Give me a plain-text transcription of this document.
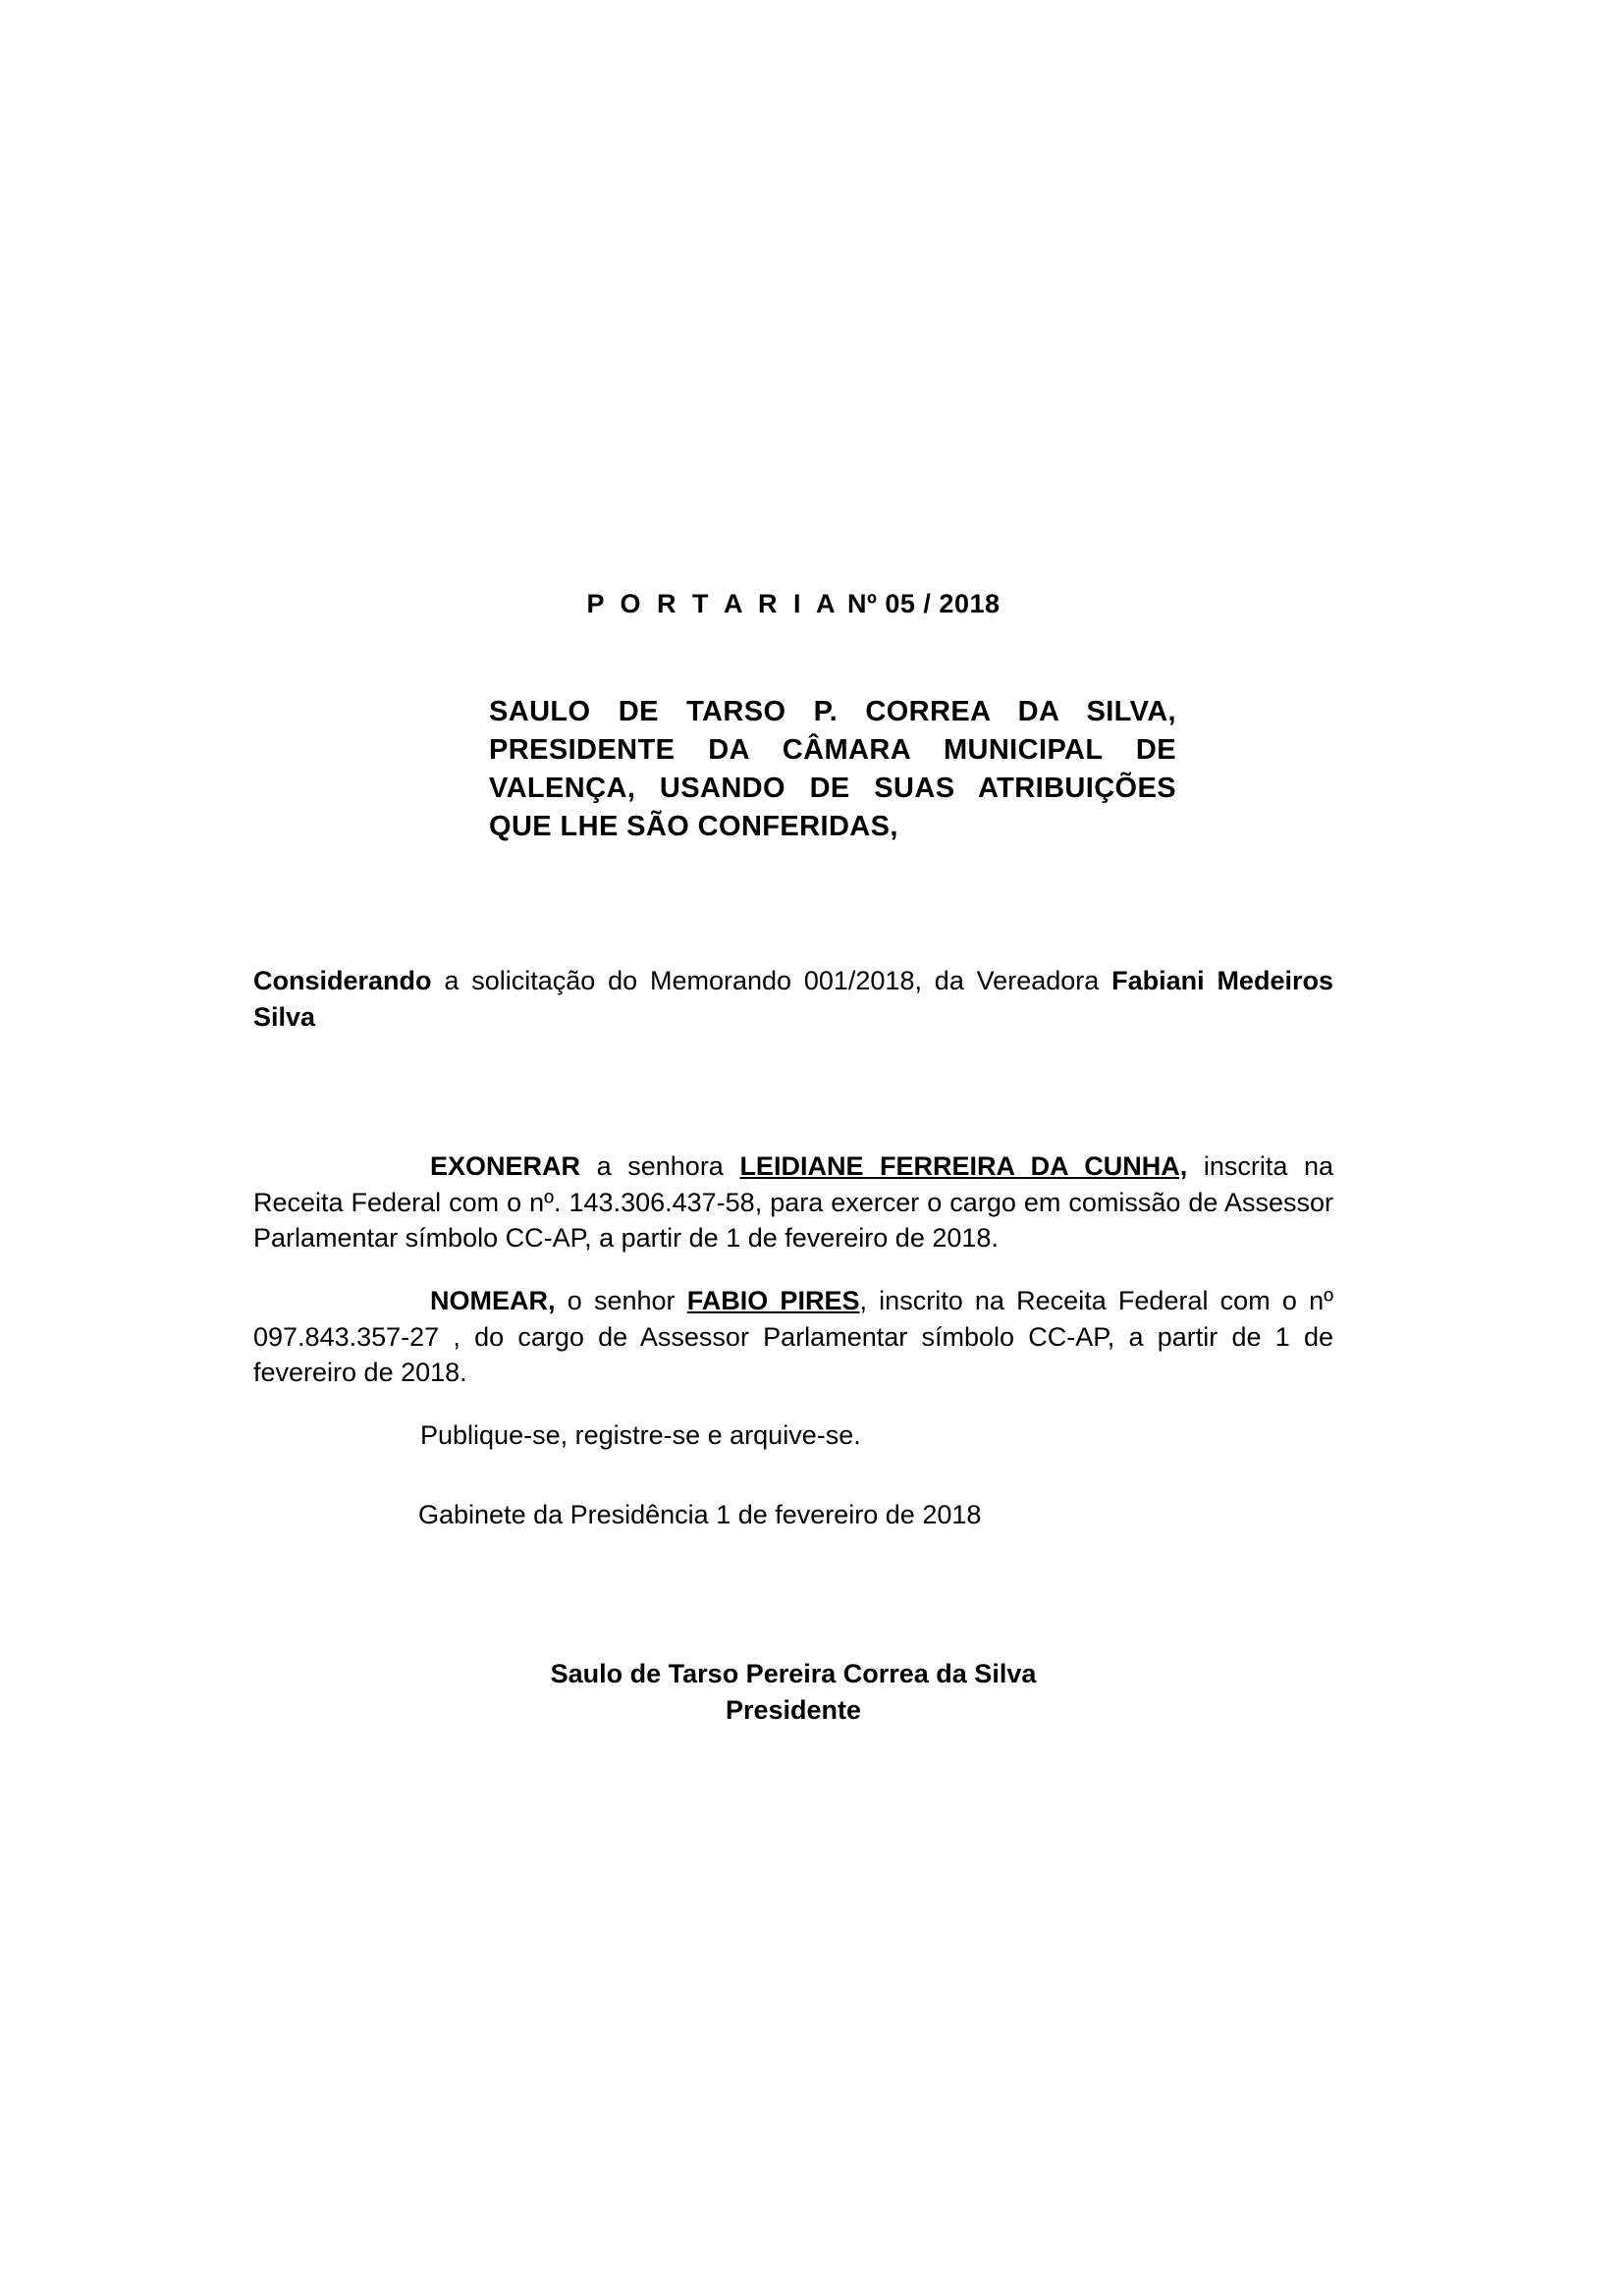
P O R T A R I A Nº 05 / 2018
SAULO DE TARSO P. CORREA DA SILVA, PRESIDENTE DA CÂMARA MUNICIPAL DE VALENÇA, USANDO DE SUAS ATRIBUIÇÕES QUE LHE SÃO CONFERIDAS,

Considerando a solicitação do Memorando 001/2018, da Vereadora Fabiani Medeiros Silva

EXONERAR a senhora LEIDIANE FERREIRA DA CUNHA, inscrita na Receita Federal com o nº. 143.306.437-58, para exercer o cargo em comissão de Assessor Parlamentar símbolo CC-AP, a partir de 1 de fevereiro de 2018.

NOMEAR, o senhor FABIO PIRES, inscrito na Receita Federal com o nº 097.843.357-27 , do cargo de Assessor Parlamentar símbolo CC-AP, a partir de 1 de fevereiro de 2018.

Publique-se, registre-se e arquive-se.

Gabinete da Presidência 1 de fevereiro de 2018

Saulo de Tarso Pereira Correa da Silva
Presidente
